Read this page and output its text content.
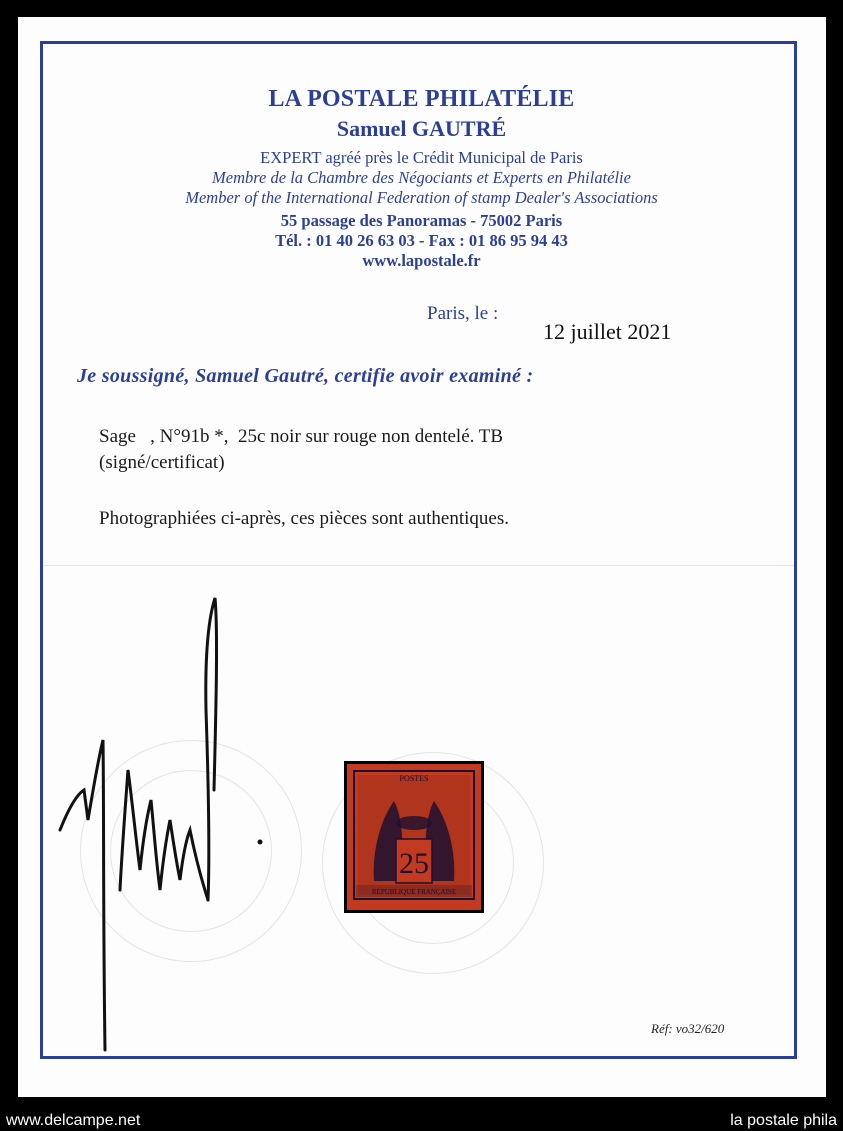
LA POSTALE PHILATÉLIE
Samuel GAUTRÉ
EXPERT agréé près le Crédit Municipal de Paris
Membre de la Chambre des Négociants et Experts en Philatélie
Member of the International Federation of stamp Dealer's Associations
55 passage des Panoramas - 75002 Paris
Tél. : 01 40 26 63 03 - Fax : 01 86 95 94 43
www.lapostale.fr
Paris, le :
12 juillet 2021
Je soussigné, Samuel Gautré, certifie avoir examiné :
Sage   , N°91b *,  25c noir sur rouge non dentelé. TB
(signé/certificat)
Photographiées ci-après, ces pièces sont authentiques.
POSTES
25
RÉPUBLIQUE FRANÇAISE
Réf: vo32/620
www.delcampe.net	la postale phila
